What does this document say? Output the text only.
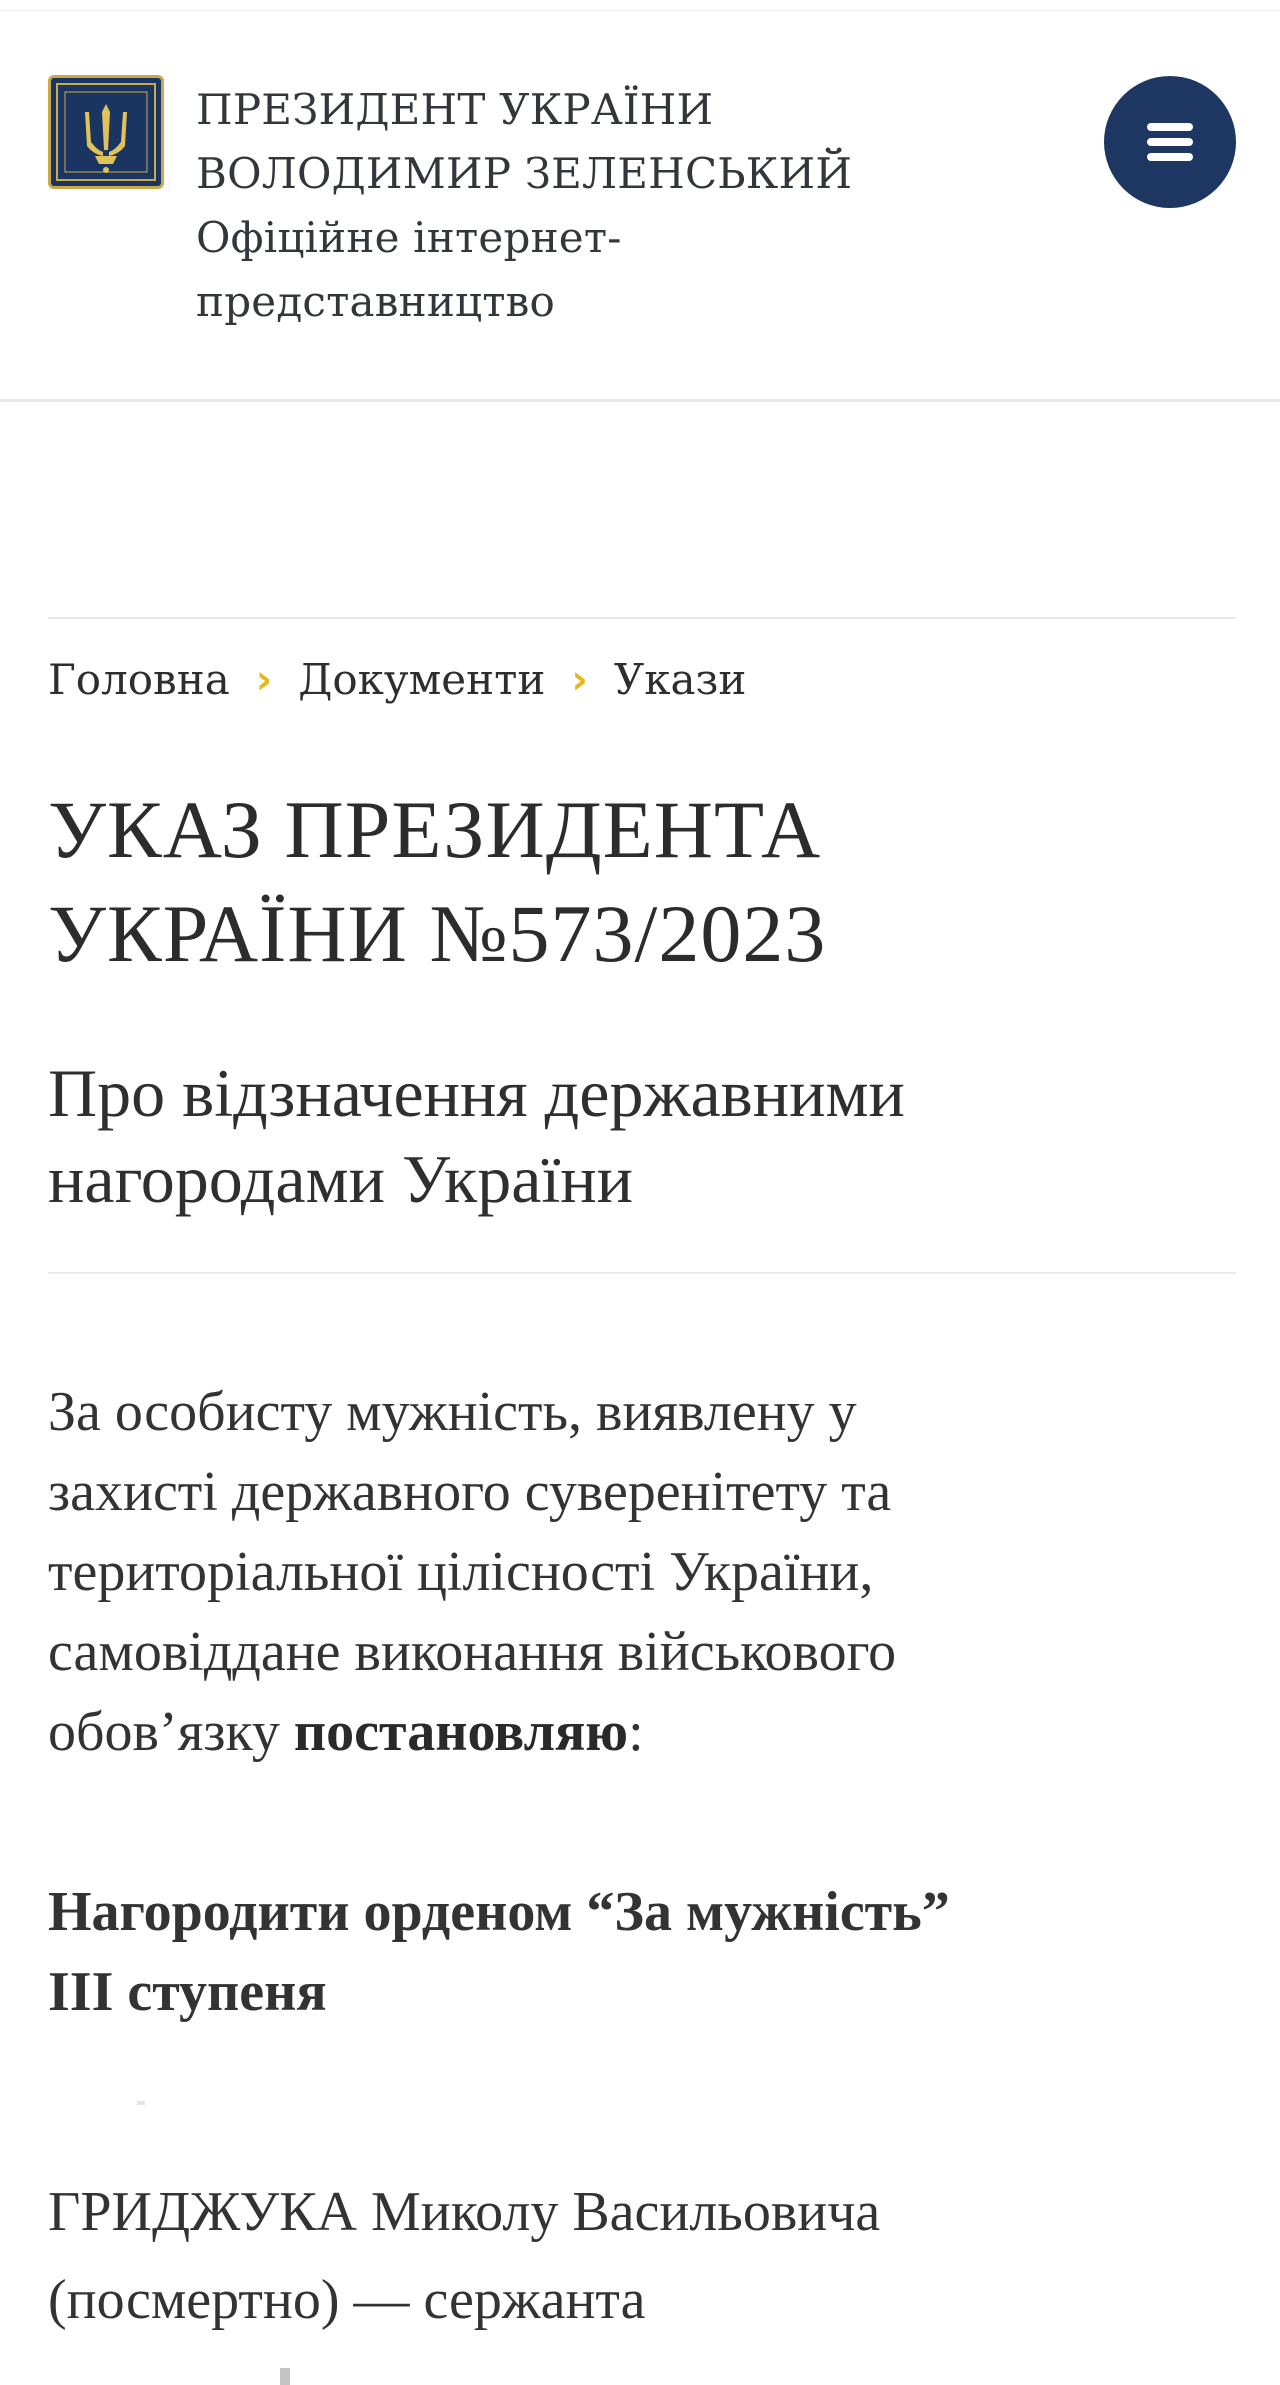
ПРЕЗИДЕНТ УКРАЇНИ
ВОЛОДИМИР ЗЕЛЕНСЬКИЙ
Офіційне інтернет-
представництво
Головна › Документи › Укази
УКАЗ ПРЕЗИДЕНТА
УКРАЇНИ №573/2023
Про відзначення державними
нагородами України
За особисту мужність, виявлену у
захисті державного суверенітету та
територіальної цілісності України,
самовіддане виконання військового
обов’язку постановляю:
Нагородити орденом “За мужність”
ІІІ ступеня
ГРИДЖУКА Миколу Васильовича
(посмертно) — сержанта
